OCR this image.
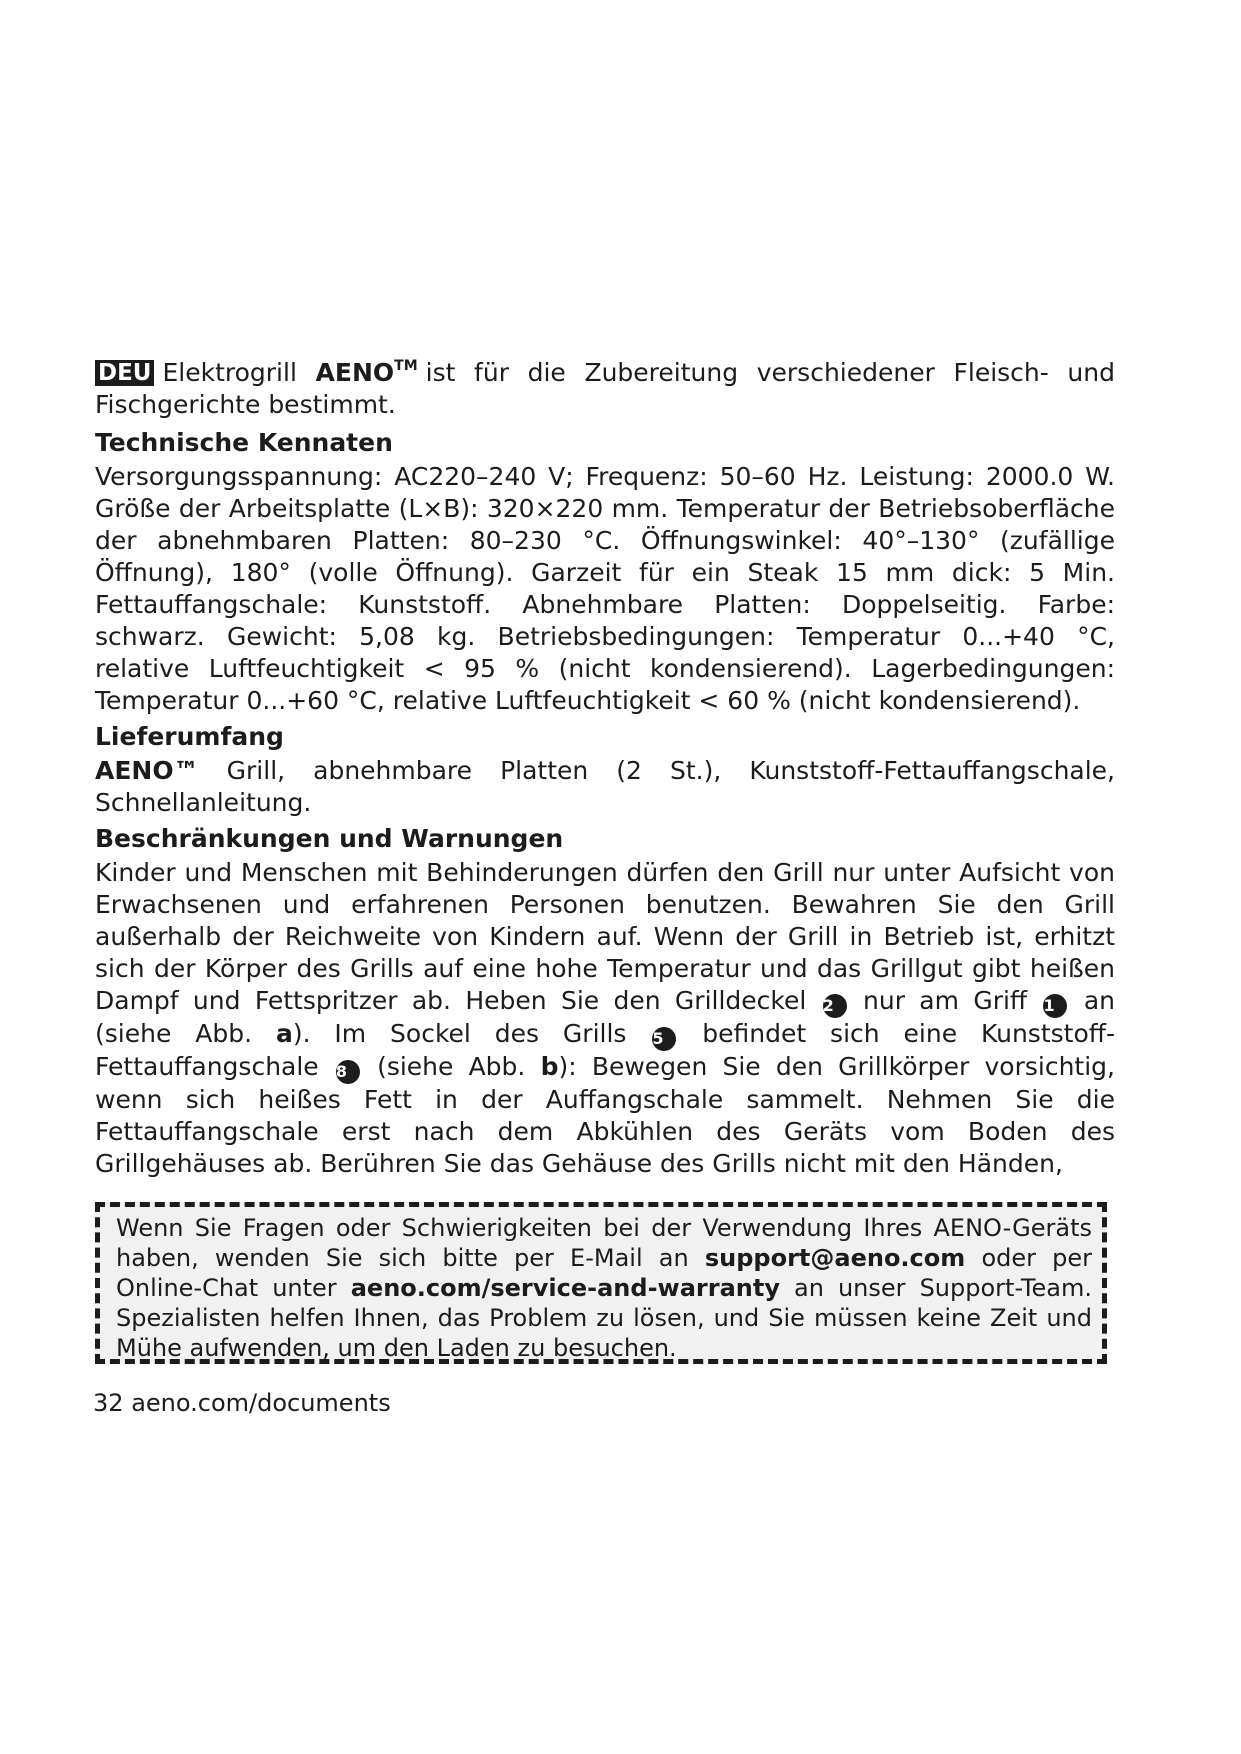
DEU Elektrogrill AENO™ ist für die Zubereitung verschiedener Fleisch- und Fischgerichte bestimmt.

Technische Kennaten

Versorgungsspannung: AC220–240 V; Frequenz: 50–60 Hz. Leistung: 2000.0 W. Größe der Arbeitsplatte (L×B): 320×220 mm. Temperatur der Betriebsoberfläche der abnehmbaren Platten: 80–230 °C. Öffnungswinkel: 40°–130° (zufällige Öffnung), 180° (volle Öffnung). Garzeit für ein Steak 15 mm dick: 5 Min. Fettauffangschale: Kunststoff. Abnehmbare Platten: Doppelseitig. Farbe: schwarz. Gewicht: 5,08 kg. Betriebsbedingungen: Temperatur 0...+40 °C, relative Luftfeuchtigkeit < 95 % (nicht kondensierend). Lagerbedingungen: Temperatur 0...+60 °C, relative Luftfeuchtigkeit < 60 % (nicht kondensierend).

Lieferumfang

AENO™ Grill, abnehmbare Platten (2 St.), Kunststoff-Fettauffangschale, Schnellanleitung.

Beschränkungen und Warnungen

Kinder und Menschen mit Behinderungen dürfen den Grill nur unter Aufsicht von Erwachsenen und erfahrenen Personen benutzen. Bewahren Sie den Grill außerhalb der Reichweite von Kindern auf. Wenn der Grill in Betrieb ist, erhitzt sich der Körper des Grills auf eine hohe Temperatur und das Grillgut gibt heißen Dampf und Fettspritzer ab. Heben Sie den Grilldeckel 2 nur am Griff 1 an (siehe Abb. a). Im Sockel des Grills 5 befindet sich eine Kunststoff-Fettauffangschale 8 (siehe Abb. b): Bewegen Sie den Grillkörper vorsichtig, wenn sich heißes Fett in der Auffangschale sammelt. Nehmen Sie die Fettauffangschale erst nach dem Abkühlen des Geräts vom Boden des Grillgehäuses ab. Berühren Sie das Gehäuse des Grills nicht mit den Händen,

Wenn Sie Fragen oder Schwierigkeiten bei der Verwendung Ihres AENO-Geräts haben, wenden Sie sich bitte per E-Mail an support@aeno.com oder per Online-Chat unter aeno.com/service-and-warranty an unser Support-Team. Spezialisten helfen Ihnen, das Problem zu lösen, und Sie müssen keine Zeit und Mühe aufwenden, um den Laden zu besuchen.

32 aeno.com/documents
